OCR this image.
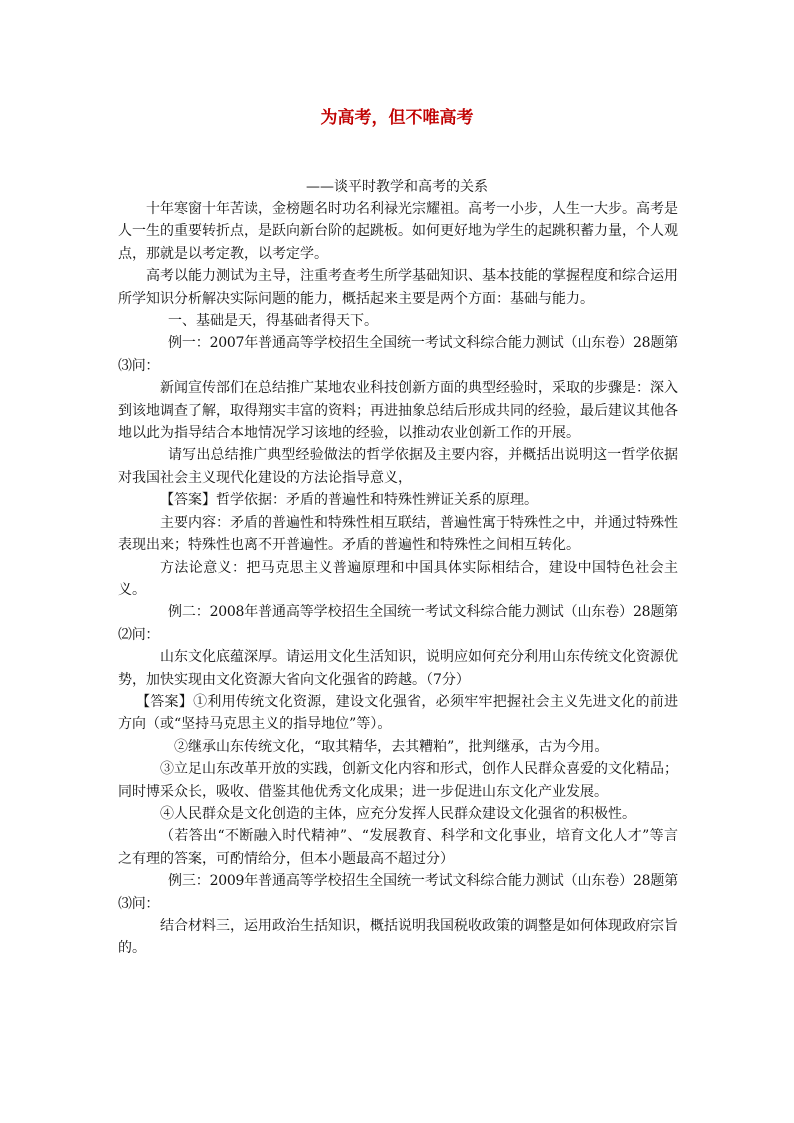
为高考，但不唯高考
——谈平时教学和高考的关系

十年寒窗十年苦读，金榜题名时功名利禄光宗耀祖。高考一小步，人生一大步。高考是人一生的重要转折点，是跃向新台阶的起跳板。如何更好地为学生的起跳积蓄力量，个人观点，那就是以考定教，以考定学。

高考以能力测试为主导，注重考查考生所学基础知识、基本技能的掌握程度和综合运用所学知识分析解决实际问题的能力，概括起来主要是两个方面：基础与能力。

一、基础是天，得基础者得天下。

例一：2007年普通高等学校招生全国统一考试文科综合能力测试（山东卷）28题第⑶问：

新闻宣传部们在总结推广某地农业科技创新方面的典型经验时，采取的步骤是：深入到该地调查了解，取得翔实丰富的资料；再进抽象总结后形成共同的经验，最后建议其他各地以此为指导结合本地情况学习该地的经验，以推动农业创新工作的开展。

请写出总结推广典型经验做法的哲学依据及主要内容，并概括出说明这一哲学依据对我国社会主义现代化建设的方法论指导意义，

【答案】哲学依据：矛盾的普遍性和特殊性辨证关系的原理。

主要内容：矛盾的普遍性和特殊性相互联结，普遍性寓于特殊性之中，并通过特殊性表现出来；特殊性也离不开普遍性。矛盾的普遍性和特殊性之间相互转化。

方法论意义：把马克思主义普遍原理和中国具体实际相结合，建设中国特色社会主义。

例二：2008年普通高等学校招生全国统一考试文科综合能力测试（山东卷）28题第⑵问：

山东文化底蕴深厚。请运用文化生活知识，说明应如何充分利用山东传统文化资源优势，加快实现由文化资源大省向文化强省的跨越。（7分）

【答案】①利用传统文化资源，建设文化强省，必须牢牢把握社会主义先进文化的前进方向（或“坚持马克思主义的指导地位”等）。

②继承山东传统文化，“取其精华，去其糟粕”，批判继承，古为今用。

③立足山东改革开放的实践，创新文化内容和形式，创作人民群众喜爱的文化精品；同时博采众长，吸收、借鉴其他优秀文化成果；进一步促进山东文化产业发展。

④人民群众是文化创造的主体，应充分发挥人民群众建设文化强省的积极性。

（若答出“不断融入时代精神”、“发展教育、科学和文化事业，培育文化人才”等言之有理的答案，可酌情给分，但本小题最高不超过分）

例三：2009年普通高等学校招生全国统一考试文科综合能力测试（山东卷）28题第⑶问：

结合材料三，运用政治生括知识，概括说明我国税收政策的调整是如何体现政府宗旨的。
